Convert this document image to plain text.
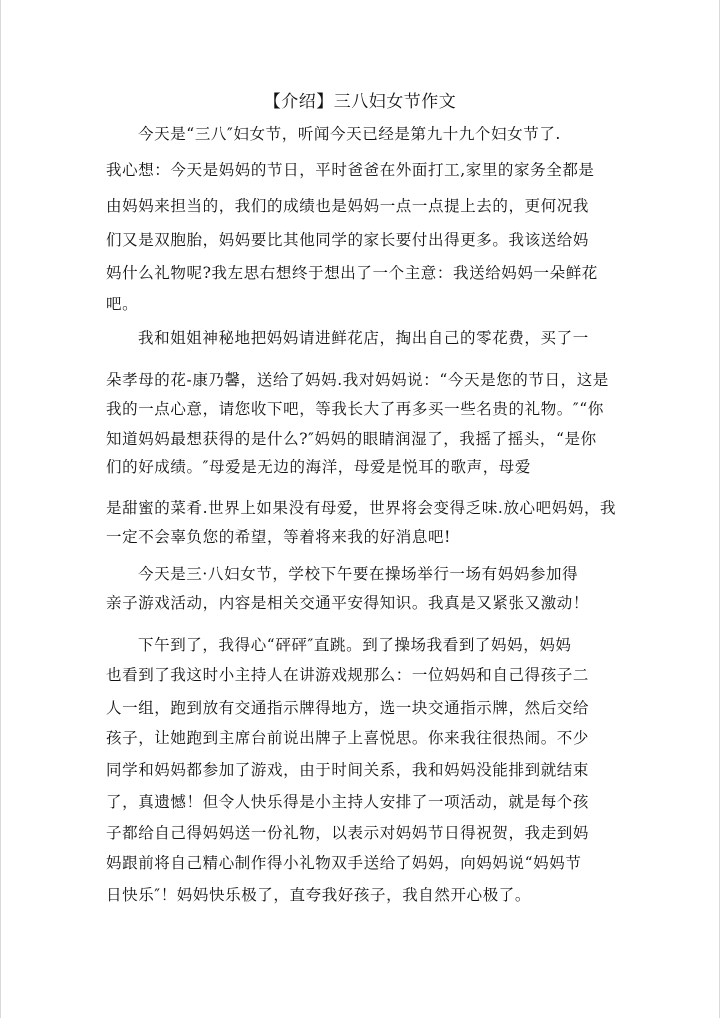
【介绍】三八妇女节作文
今天是“三八″妇女节，听闻今天已经是第九十九个妇女节了.
我心想：今天是妈妈的节日，平时爸爸在外面打工,家里的家务全都是
由妈妈来担当的，我们的成绩也是妈妈一点一点提上去的，更何况我
们又是双胞胎，妈妈要比其他同学的家长要付出得更多。我该送给妈
妈什么礼物呢?我左思右想终于想出了一个主意：我送给妈妈一朵鲜花
吧。
我和姐姐神秘地把妈妈请进鲜花店，掏出自己的零花费，买了一
朵孝母的花-康乃馨，送给了妈妈.我对妈妈说：“今天是您的节日，这是
我的一点心意，请您收下吧，等我长大了再多买一些名贵的礼物。″“你
知道妈妈最想获得的是什么?″妈妈的眼睛润湿了，我摇了摇头，“是你
们的好成绩。″母爱是无边的海洋，母爱是悦耳的歌声，母爱
是甜蜜的菜肴.世界上如果没有母爱，世界将会变得乏味.放心吧妈妈，我
一定不会辜负您的希望，等着将来我的好消息吧!
今天是三·八妇女节，学校下午要在操场举行一场有妈妈参加得
亲子游戏活动，内容是相关交通平安得知识。我真是又紧张又激动！
下午到了，我得心“砰砰″直跳。到了操场我看到了妈妈，妈妈
也看到了我这时小主持人在讲游戏规那么：一位妈妈和自己得孩子二
人一组，跑到放有交通指示牌得地方，选一块交通指示牌，然后交给
孩子，让她跑到主席台前说出牌子上喜悦思。你来我往很热闹。不少
同学和妈妈都参加了游戏，由于时间关系，我和妈妈没能排到就结束
了，真遗憾！但令人快乐得是小主持人安排了一项活动，就是每个孩
子都给自己得妈妈送一份礼物，以表示对妈妈节日得祝贺，我走到妈
妈跟前将自己精心制作得小礼物双手送给了妈妈，向妈妈说“妈妈节
日快乐″！妈妈快乐极了，直夸我好孩子，我自然开心极了。
